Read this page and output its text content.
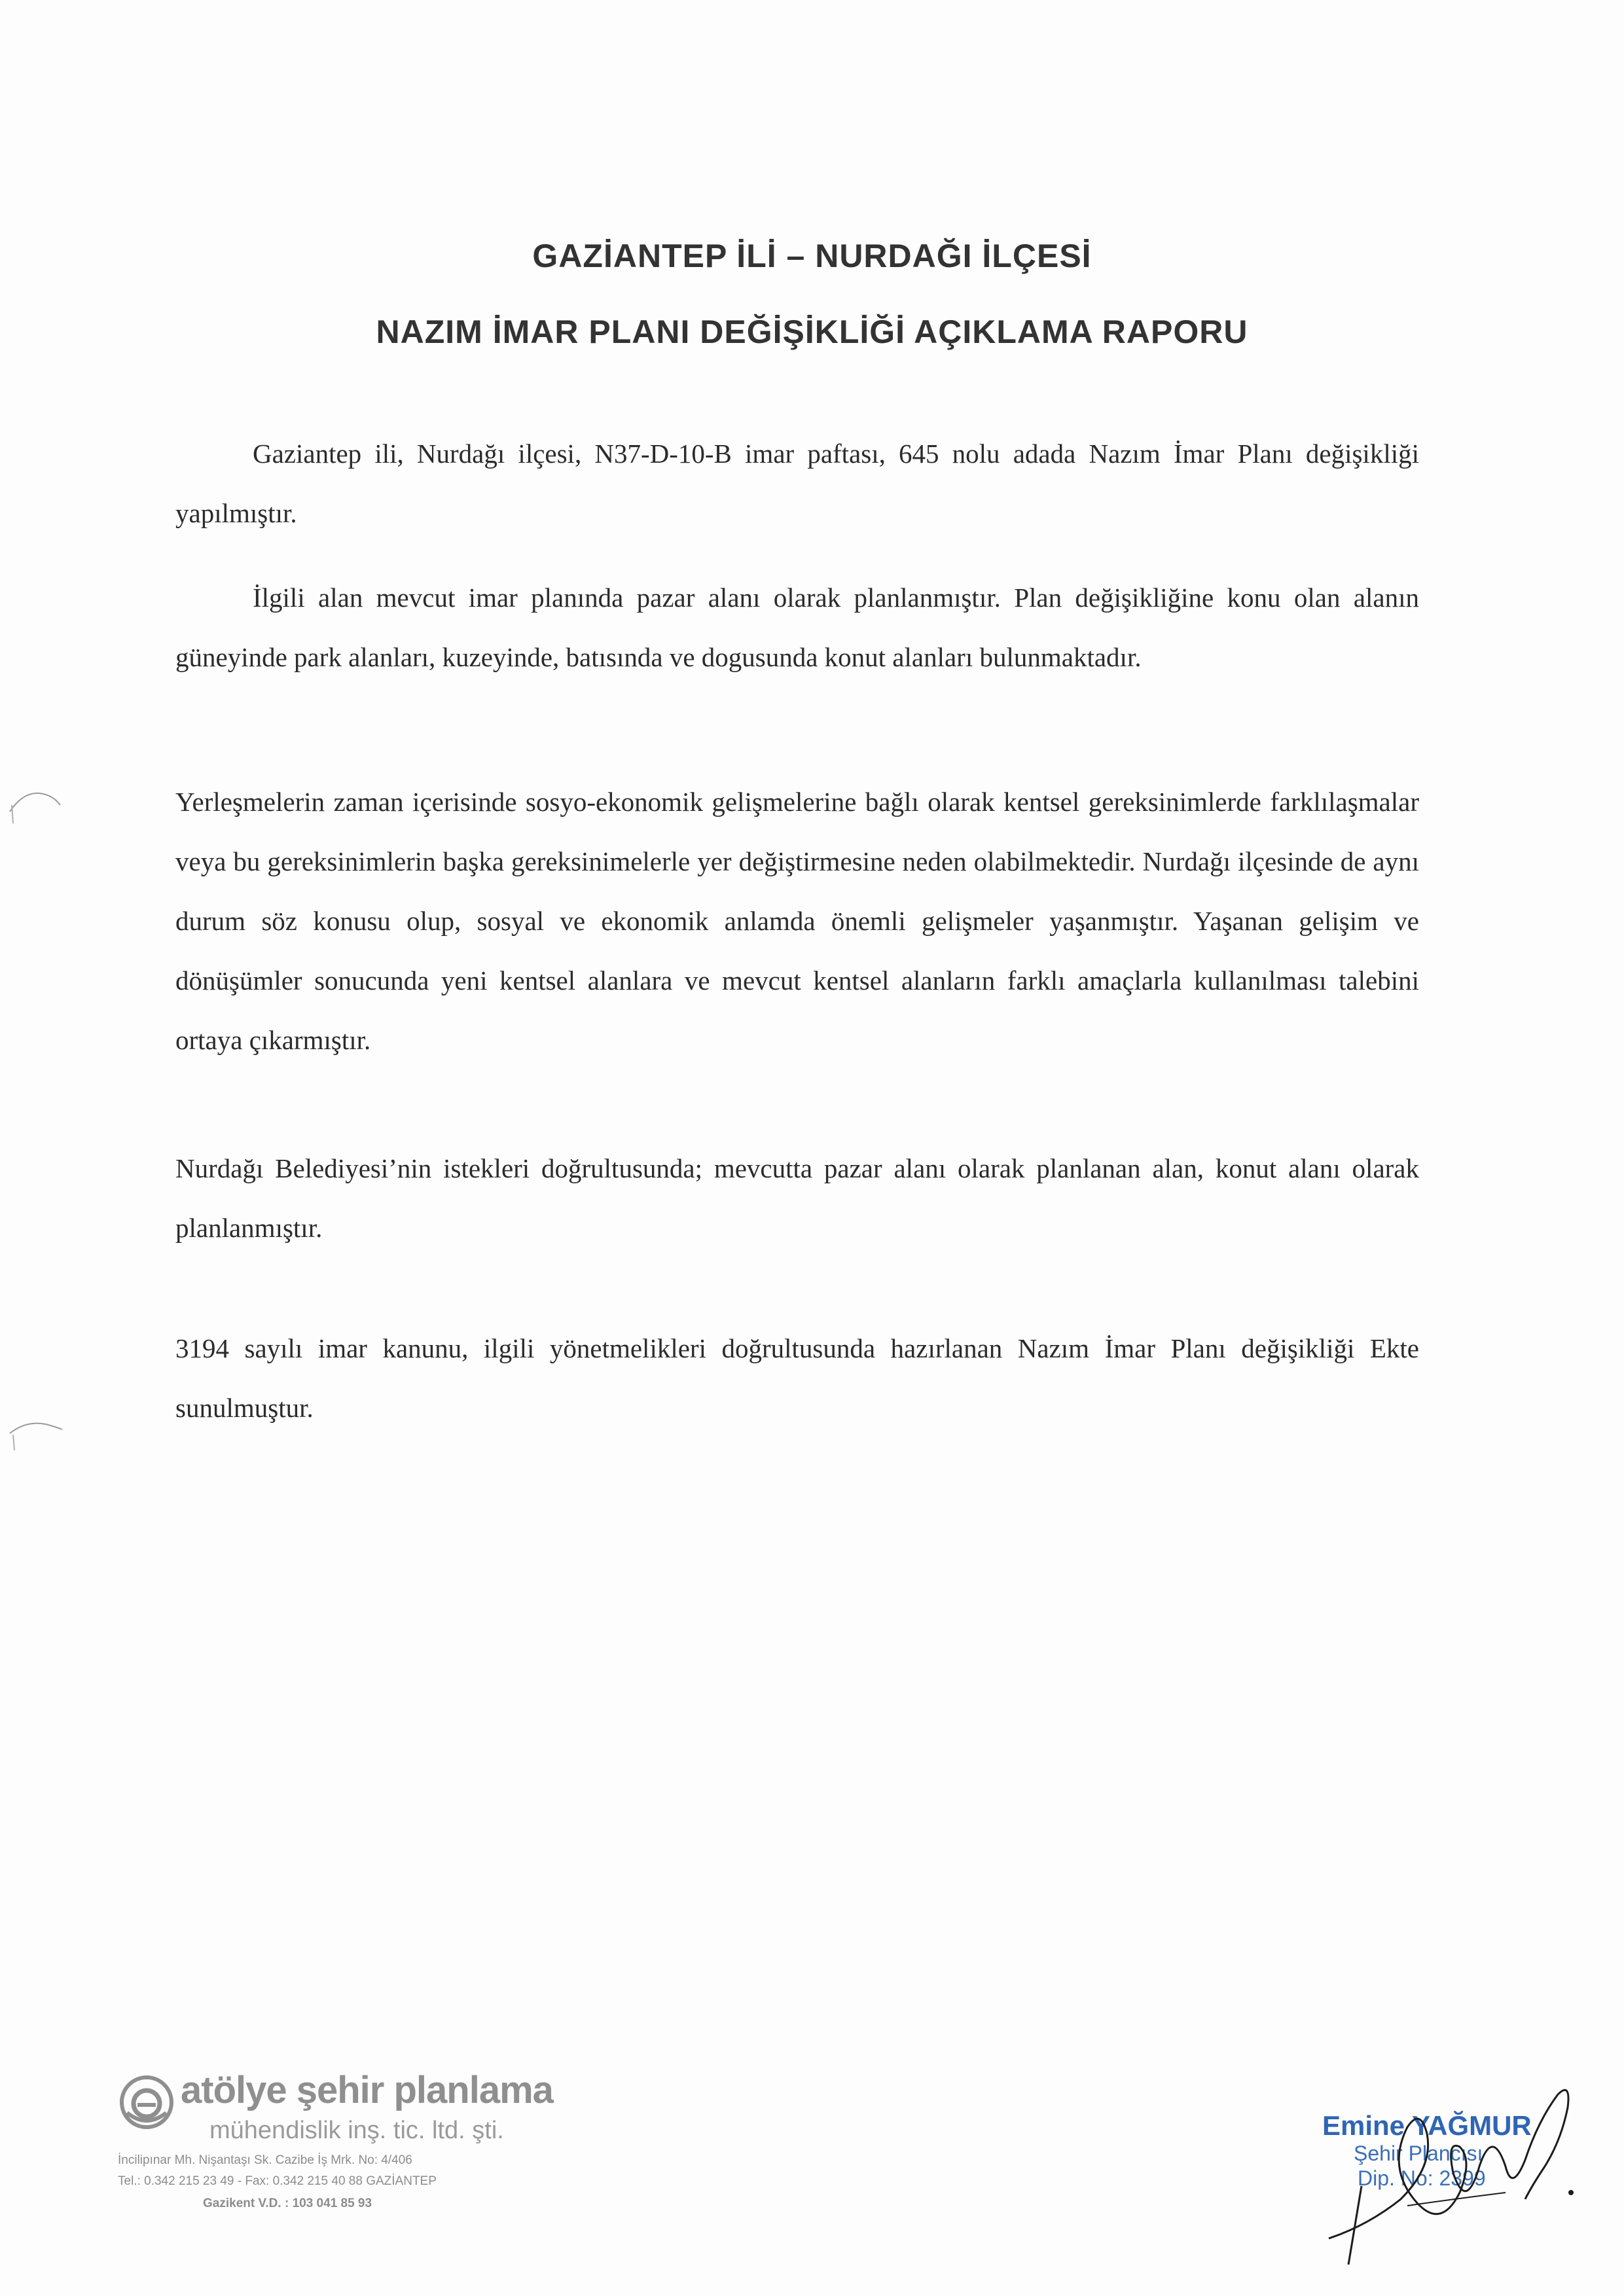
GAZİANTEP İLİ – NURDAĞI İLÇESİ
NAZIM İMAR PLANI DEĞİŞİKLİĞİ AÇIKLAMA RAPORU

Gaziantep ili, Nurdağı ilçesi, N37-D-10-B imar paftası, 645 nolu adada Nazım İmar Planı değişikliği yapılmıştır.

İlgili alan mevcut imar planında pazar alanı olarak planlanmıştır. Plan değişikliğine konu olan alanın güneyinde park alanları, kuzeyinde, batısında ve dogusunda konut alanları bulunmaktadır.

Yerleşmelerin zaman içerisinde sosyo-ekonomik gelişmelerine bağlı olarak kentsel gereksinimlerde farklılaşmalar veya bu gereksinimlerin başka gereksinimelerle yer değiştirmesine neden olabilmektedir. Nurdağı ilçesinde de aynı durum söz konusu olup, sosyal ve ekonomik anlamda önemli gelişmeler yaşanmıştır. Yaşanan gelişim ve dönüşümler sonucunda yeni kentsel alanlara ve mevcut kentsel alanların farklı amaçlarla kullanılması talebini ortaya çıkarmıştır.

Nurdağı Belediyesi’nin istekleri doğrultusunda; mevcutta pazar alanı olarak planlanan alan, konut alanı olarak planlanmıştır.

3194 sayılı imar kanunu, ilgili yönetmelikleri doğrultusunda hazırlanan Nazım İmar Planı değişikliği Ekte sunulmuştur.

atölye şehir planlama
mühendislik inş. tic. ltd. şti.
İncilipınar Mh. Nişantaşı Sk. Cazibe İş Mrk. No: 4/406
Tel.: 0.342 215 23 49 - Fax: 0.342 215 40 88 GAZİANTEP
Gazikent V.D. : 103 041 85 93
Emine YAĞMUR
Şehir Plancısı
Dip. No: 2399
